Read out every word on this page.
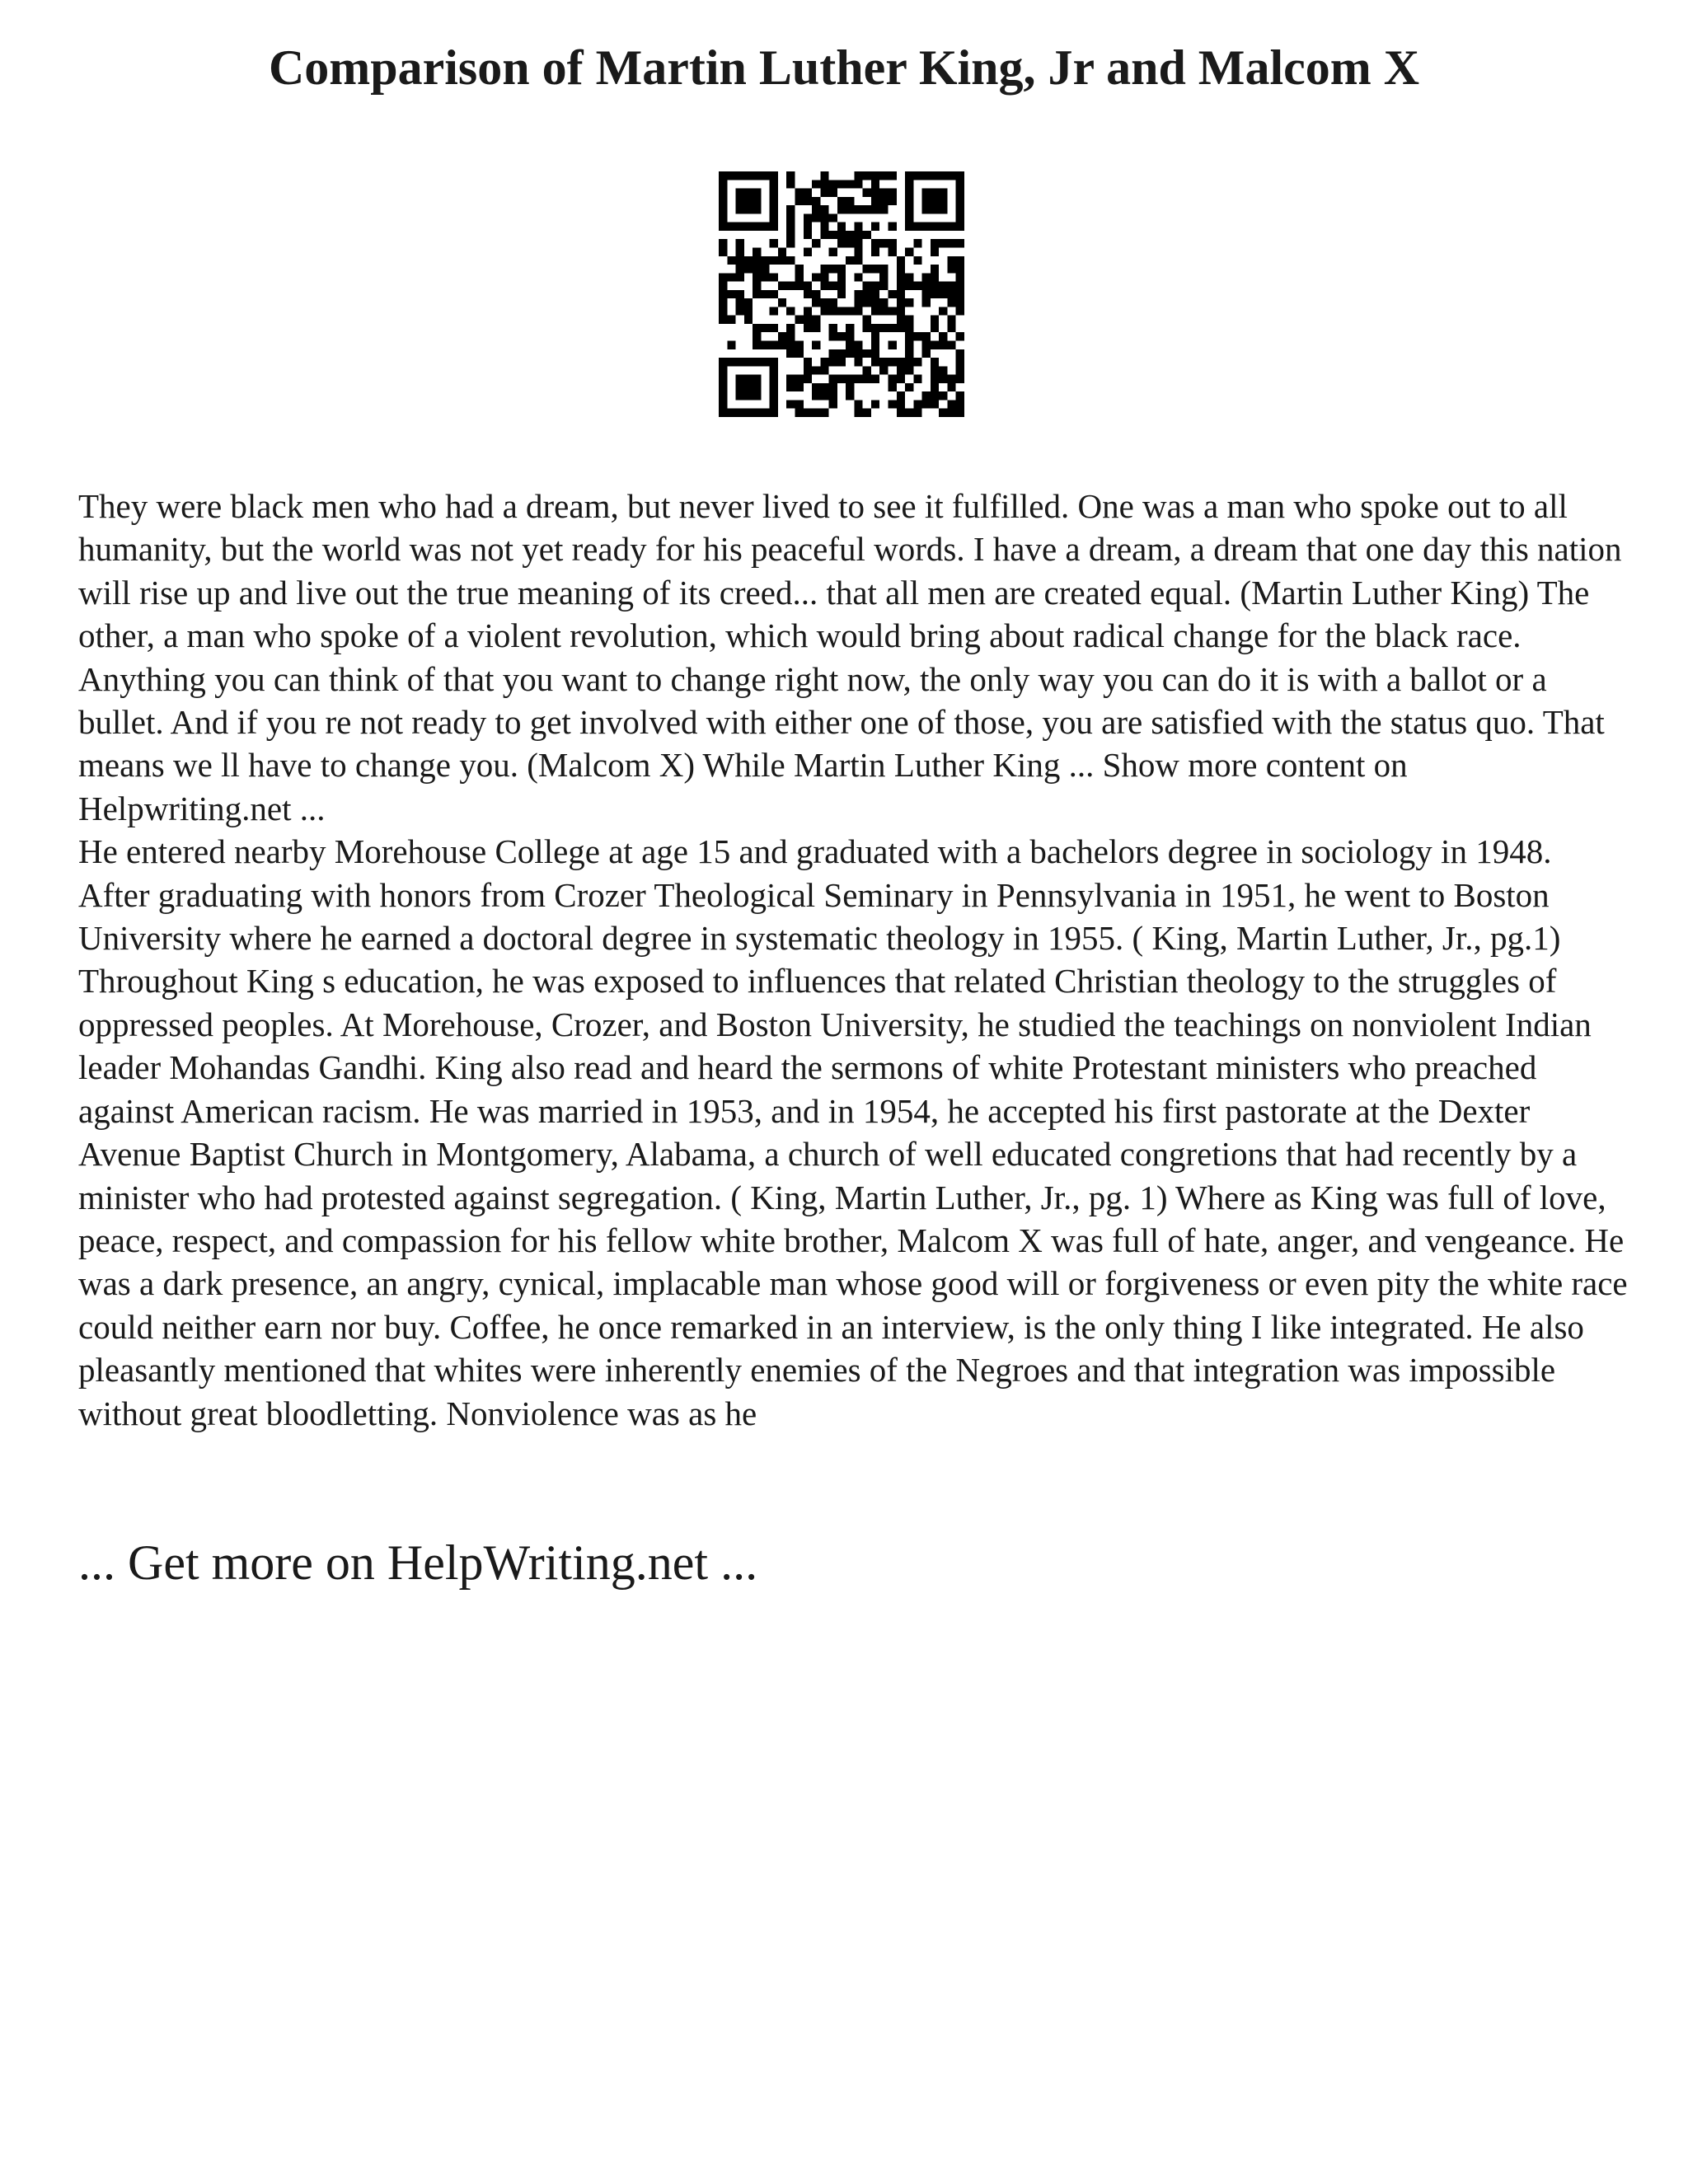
Comparison of Martin Luther King, Jr and Malcom X

They were black men who had a dream, but never lived to see it fulfilled. One was a man who spoke out to all humanity, but the world was not yet ready for his peaceful words. I have a dream, a dream that one day this nation will rise up and live out the true meaning of its creed... that all men are created equal. (Martin Luther King) The other, a man who spoke of a violent revolution, which would bring about radical change for the black race. Anything you can think of that you want to change right now, the only way you can do it is with a ballot or a bullet. And if you re not ready to get involved with either one of those, you are satisfied with the status quo. That means we ll have to change you. (Malcom X) While Martin Luther King ... Show more content on Helpwriting.net ...

He entered nearby Morehouse College at age 15 and graduated with a bachelors degree in sociology in 1948. After graduating with honors from Crozer Theological Seminary in Pennsylvania in 1951, he went to Boston University where he earned a doctoral degree in systematic theology in 1955. ( King, Martin Luther, Jr., pg.1) Throughout King s education, he was exposed to influences that related Christian theology to the struggles of oppressed peoples. At Morehouse, Crozer, and Boston University, he studied the teachings on nonviolent Indian leader Mohandas Gandhi. King also read and heard the sermons of white Protestant ministers who preached against American racism. He was married in 1953, and in 1954, he accepted his first pastorate at the Dexter Avenue Baptist Church in Montgomery, Alabama, a church of well educated congretions that had recently by a minister who had protested against segregation. ( King, Martin Luther, Jr., pg. 1) Where as King was full of love, peace, respect, and compassion for his fellow white brother, Malcom X was full of hate, anger, and vengeance. He was a dark presence, an angry, cynical, implacable man whose good will or forgiveness or even pity the white race could neither earn nor buy. Coffee, he once remarked in an interview, is the only thing I like integrated. He also pleasantly mentioned that whites were inherently enemies of the Negroes and that integration was impossible without great bloodletting. Nonviolence was as he

... Get more on HelpWriting.net ...
